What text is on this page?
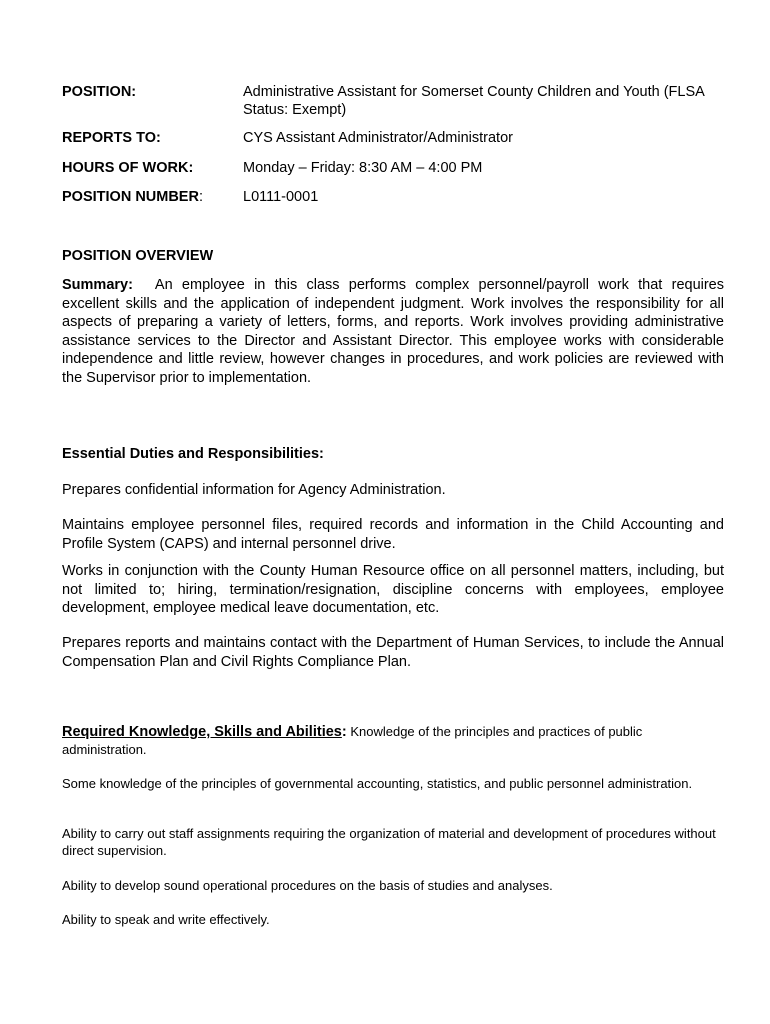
POSITION:	Administrative Assistant for Somerset County Children and Youth (FLSA Status: Exempt)
REPORTS TO:	CYS Assistant Administrator/Administrator
HOURS OF WORK:	Monday – Friday: 8:30 AM – 4:00 PM
POSITION NUMBER:	L0111-0001
POSITION OVERVIEW

Summary: An employee in this class performs complex personnel/payroll work that requires excellent skills and the application of independent judgment. Work involves the responsibility for all aspects of preparing a variety of letters, forms, and reports. Work involves providing administrative assistance services to the Director and Assistant Director. This employee works with considerable independence and little review, however changes in procedures, and work policies are reviewed with the Supervisor prior to implementation.

Essential Duties and Responsibilities:

Prepares confidential information for Agency Administration.

Maintains employee personnel files, required records and information in the Child Accounting and Profile System (CAPS) and internal personnel drive.

Works in conjunction with the County Human Resource office on all personnel matters, including, but not limited to; hiring, termination/resignation, discipline concerns with employees, employee development, employee medical leave documentation, etc.

Prepares reports and maintains contact with the Department of Human Services, to include the Annual Compensation Plan and Civil Rights Compliance Plan.

Required Knowledge, Skills and Abilities: Knowledge of the principles and practices of public administration.

Some knowledge of the principles of governmental accounting, statistics, and public personnel administration.

Ability to carry out staff assignments requiring the organization of material and development of procedures without direct supervision.

Ability to develop sound operational procedures on the basis of studies and analyses.

Ability to speak and write effectively.
